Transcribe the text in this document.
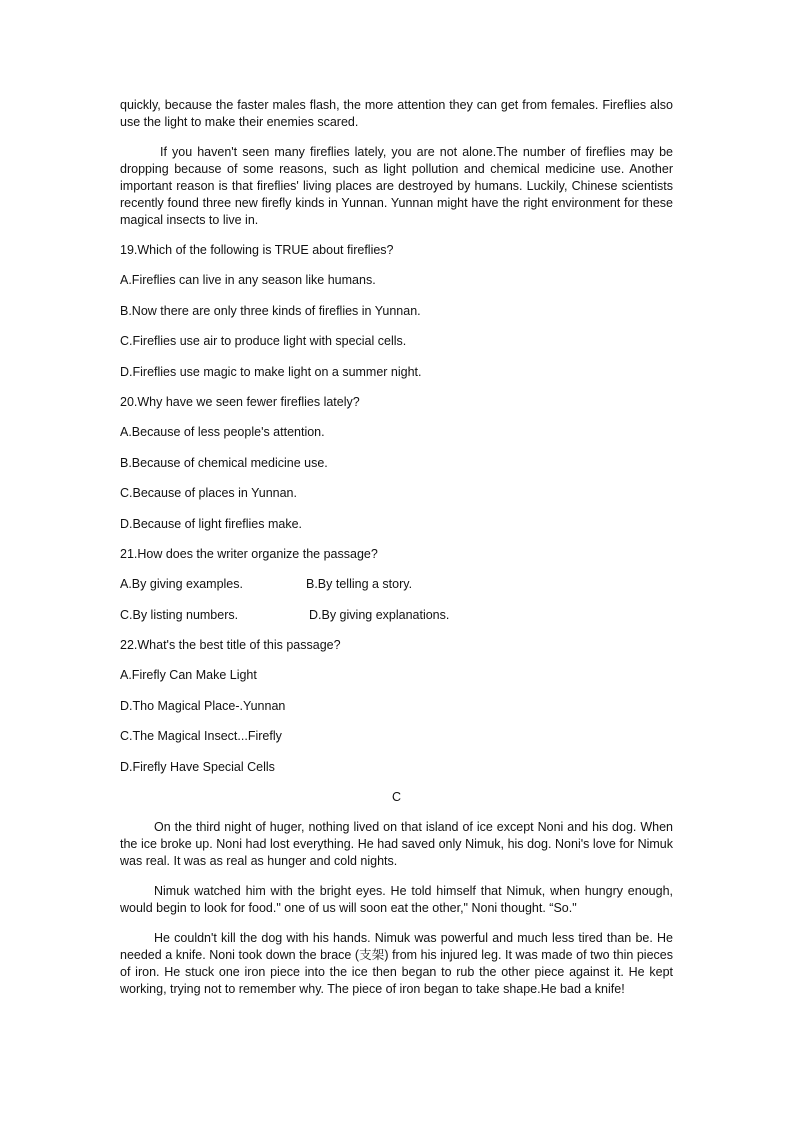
quickly, because the faster males flash, the more attention they can get from females. Fireflies also use the light to make their enemies scared.

If you haven't seen many fireflies lately, you are not alone.The number of fireflies may be dropping because of some reasons, such as light pollution and chemical medicine use. Another important reason is that fireflies' living places are destroyed by humans. Luckily, Chinese scientists recently found three new firefly kinds in Yunnan. Yunnan might have the right environment for these magical insects to live in.

19.Which of the following is TRUE about fireflies?

A.Fireflies can live in any season like humans.

B.Now there are only three kinds of fireflies in Yunnan.

C.Fireflies use air to produce light with special cells.

D.Fireflies use magic to make light on a summer night.

20.Why have we seen fewer fireflies lately?

A.Because of less people's attention.

B.Because of chemical medicine use.

C.Because of places in Yunnan.

D.Because of light fireflies make.

21.How does the writer organize the passage?

A.By giving examples.	B.By telling a story.
C.By listing numbers.	D.By giving explanations.

22.What's the best title of this passage?

A.Firefly Can Make Light

D.Tho Magical Place-.Yunnan

C.The Magical Insect...Firefly

D.Firefly Have Special Cells

C

On the third night of huger, nothing lived on that island of ice except Noni and his dog. When the ice broke up. Noni had lost everything. He had saved only Nimuk, his dog. Noni's love for Nimuk was real. It was as real as hunger and cold nights.

Nimuk watched him with the bright eyes. He told himself that Nimuk, when hungry enough, would begin to look for food." one of us will soon eat the other," Noni thought. “So."

He couldn't kill the dog with his hands. Nimuk was powerful and much less tired than be. He needed a knife. Noni took down the brace (支架) from his injured leg. It was made of two thin pieces of iron. He stuck one iron piece into the ice then began to rub the other piece against it. He kept working, trying not to remember why. The piece of iron began to take shape.He bad a knife!
